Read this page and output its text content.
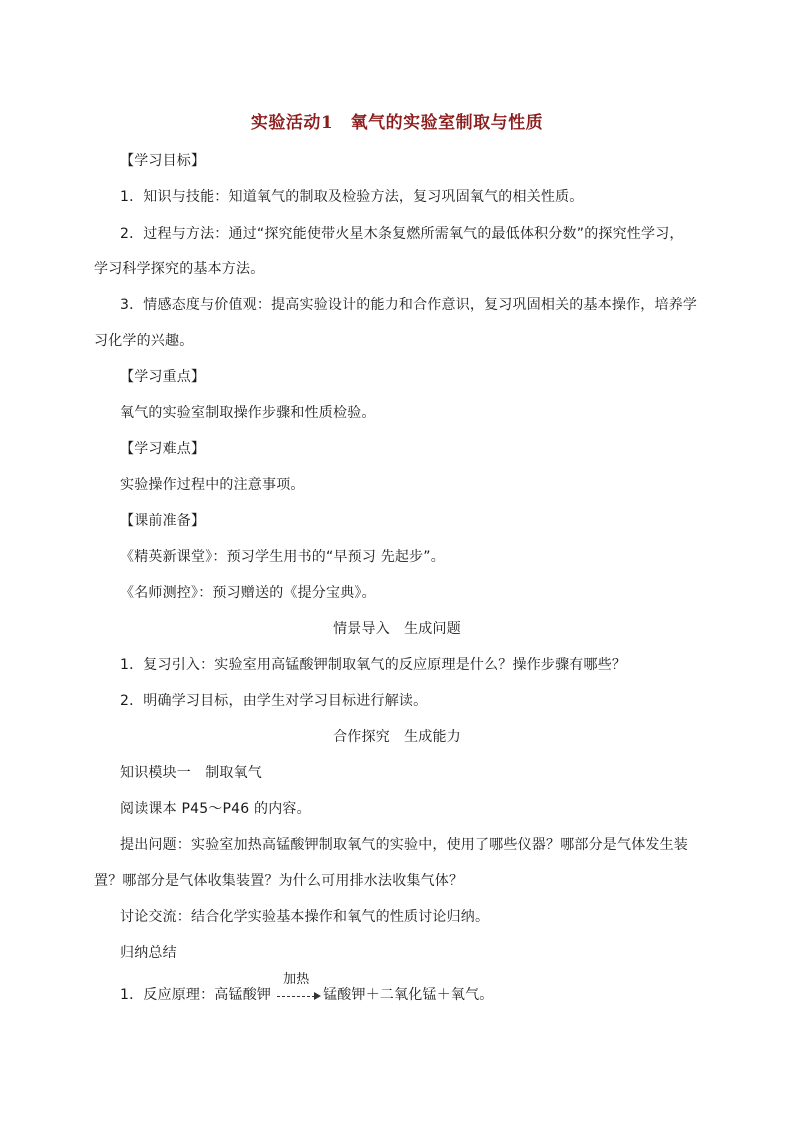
实验活动1　氧气的实验室制取与性质
【学习目标】
1．知识与技能：知道氧气的制取及检验方法，复习巩固氧气的相关性质。
2．过程与方法：通过“探究能使带火星木条复燃所需氧气的最低体积分数”的探究性学习，
学习科学探究的基本方法。
3．情感态度与价值观：提高实验设计的能力和合作意识，复习巩固相关的基本操作，培养学
习化学的兴趣。
【学习重点】
氧气的实验室制取操作步骤和性质检验。
【学习难点】
实验操作过程中的注意事项。
【课前准备】
《精英新课堂》：预习学生用书的“早预习 先起步”。
《名师测控》：预习赠送的《提分宝典》。
情景导入　生成问题
1．复习引入：实验室用高锰酸钾制取氧气的反应原理是什么？操作步骤有哪些？
2．明确学习目标，由学生对学习目标进行解读。
合作探究　生成能力
知识模块一　制取氧气
阅读课本 P45～P46 的内容。
提出问题：实验室加热高锰酸钾制取氧气的实验中，使用了哪些仪器？哪部分是气体发生装
置？哪部分是气体收集装置？为什么可用排水法收集气体？
讨论交流：结合化学实验基本操作和氧气的性质讨论归纳。
归纳总结
1．反应原理：高锰酸钾
加热
锰酸钾＋二氧化锰＋氧气。
